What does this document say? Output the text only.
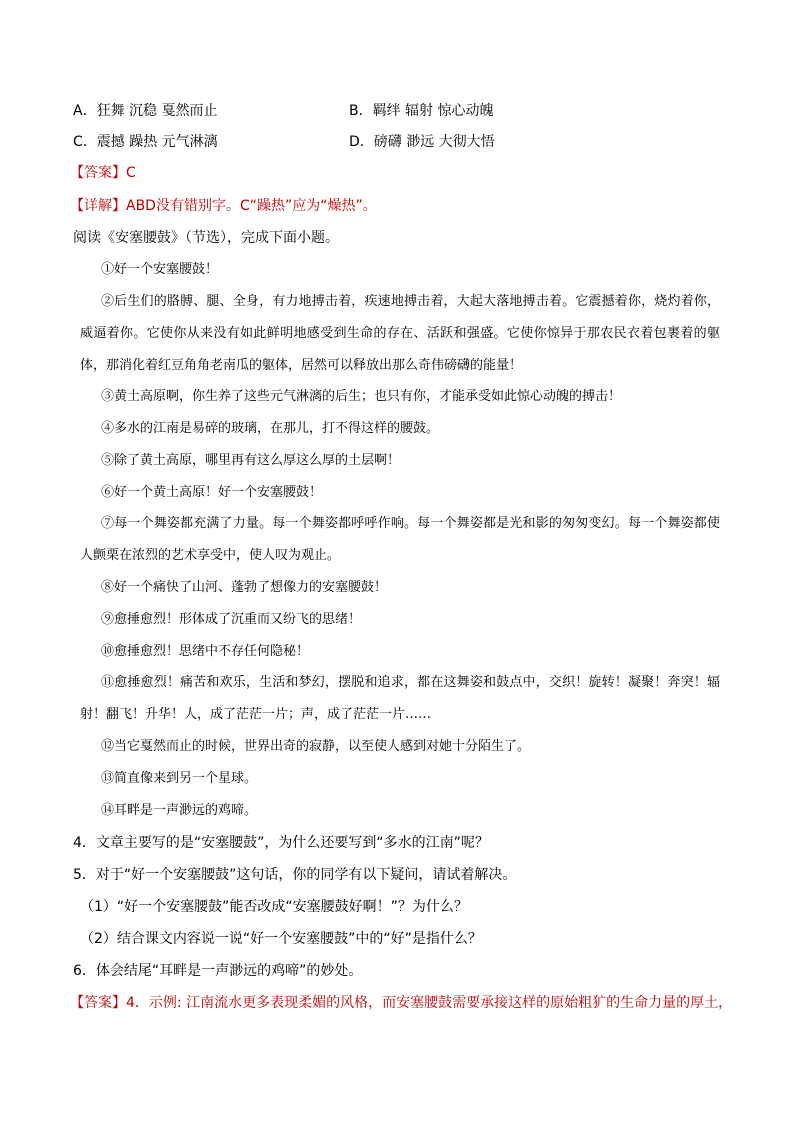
A．狂舞 沉稳 戛然而止	B．羁绊 辐射 惊心动魄
C．震撼 躁热 元气淋漓	D．磅礴 渺远 大彻大悟
【答案】C
【详解】ABD没有错别字。C“躁热”应为“燥热”。
阅读《安塞腰鼓》（节选），完成下面小题。
①好一个安塞腰鼓！
②后生们的胳膊、腿、全身，有力地搏击着，疾速地搏击着，大起大落地搏击着。它震撼着你，烧灼着你，威逼着你。它使你从来没有如此鲜明地感受到生命的存在、活跃和强盛。它使你惊异于那农民衣着包裹着的躯体，那消化着红豆角角老南瓜的躯体，居然可以释放出那么奇伟磅礴的能量！
③黄土高原啊，你生养了这些元气淋漓的后生；也只有你，才能承受如此惊心动魄的搏击！
④多水的江南是易碎的玻璃，在那儿，打不得这样的腰鼓。
⑤除了黄土高原，哪里再有这么厚这么厚的土层啊！
⑥好一个黄土高原！好一个安塞腰鼓！
⑦每一个舞姿都充满了力量。每一个舞姿都呼呼作响。每一个舞姿都是光和影的匆匆变幻。每一个舞姿都使人颤栗在浓烈的艺术享受中，使人叹为观止。
⑧好一个痛快了山河、蓬勃了想像力的安塞腰鼓！
⑨愈捶愈烈！形体成了沉重而又纷飞的思绪！
⑩愈捶愈烈！思绪中不存任何隐秘！
⑪愈捶愈烈！痛苦和欢乐，生活和梦幻，摆脱和追求，都在这舞姿和鼓点中，交织！旋转！凝聚！奔突！辐射！翻飞！升华！人，成了茫茫一片；声，成了茫茫一片……
⑫当它戛然而止的时候，世界出奇的寂静，以至使人感到对她十分陌生了。
⑬简直像来到另一个星球。
⑭耳畔是一声渺远的鸡啼。
4．文章主要写的是“安塞腰鼓”，为什么还要写到“多水的江南”呢？
5．对于“好一个安塞腰鼓”这句话，你的同学有以下疑问，请试着解决。
（1）“好一个安塞腰鼓”能否改成“安塞腰鼓好啊！”？为什么？
（2）结合课文内容说一说“好一个安塞腰鼓”中的“好”是指什么？
6．体会结尾“耳畔是一声渺远的鸡啼”的妙处。
【答案】4．示例: 江南流水更多表现柔媚的风格，而安塞腰鼓需要承接这样的原始粗犷的生命力量的厚土，
